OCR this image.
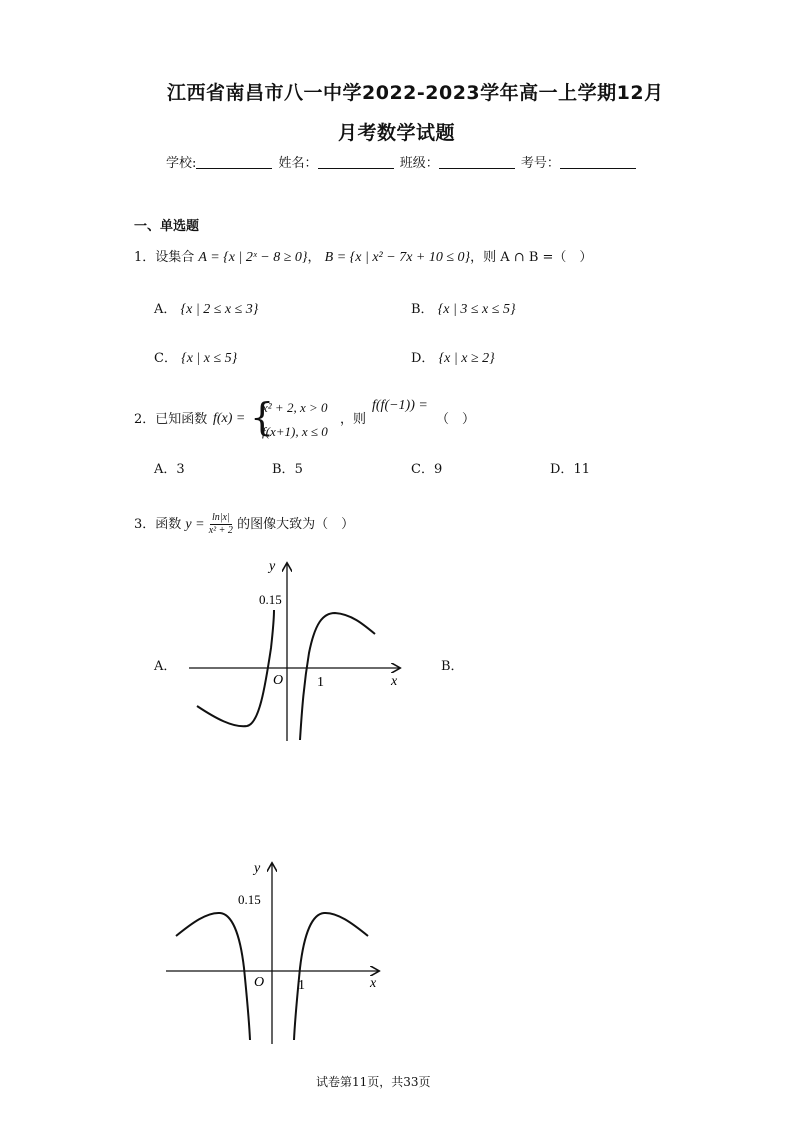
江西省南昌市八一中学2022-2023学年高一上学期12月
月考数学试题
学校:	姓名：	班级：	考号：
一、单选题
1．设集合 A = {x | 2ˣ − 8 ≥ 0}， B = {x | x² − 7x + 10 ≤ 0}，则 A ∩ B =（　）
A． {x | 2 ≤ x ≤ 3}	B． {x | 3 ≤ x ≤ 5}
C． {x | x ≤ 5}	D． {x | x ≥ 2}
2．已知函数 f(x) = {
x² + 2, x > 0
f(x+1), x ≤ 0
，则
f(f(−1)) =
（　）
A．3	B．5	C．9	D．11
3．函数 $y = \frac{\ln|x|}{\text{x² + 2}}$ 的图像大致为（　）
A．	B．
y
0.15
O 1	x
y
0.15
O 1	x
试卷第11页，共33页
